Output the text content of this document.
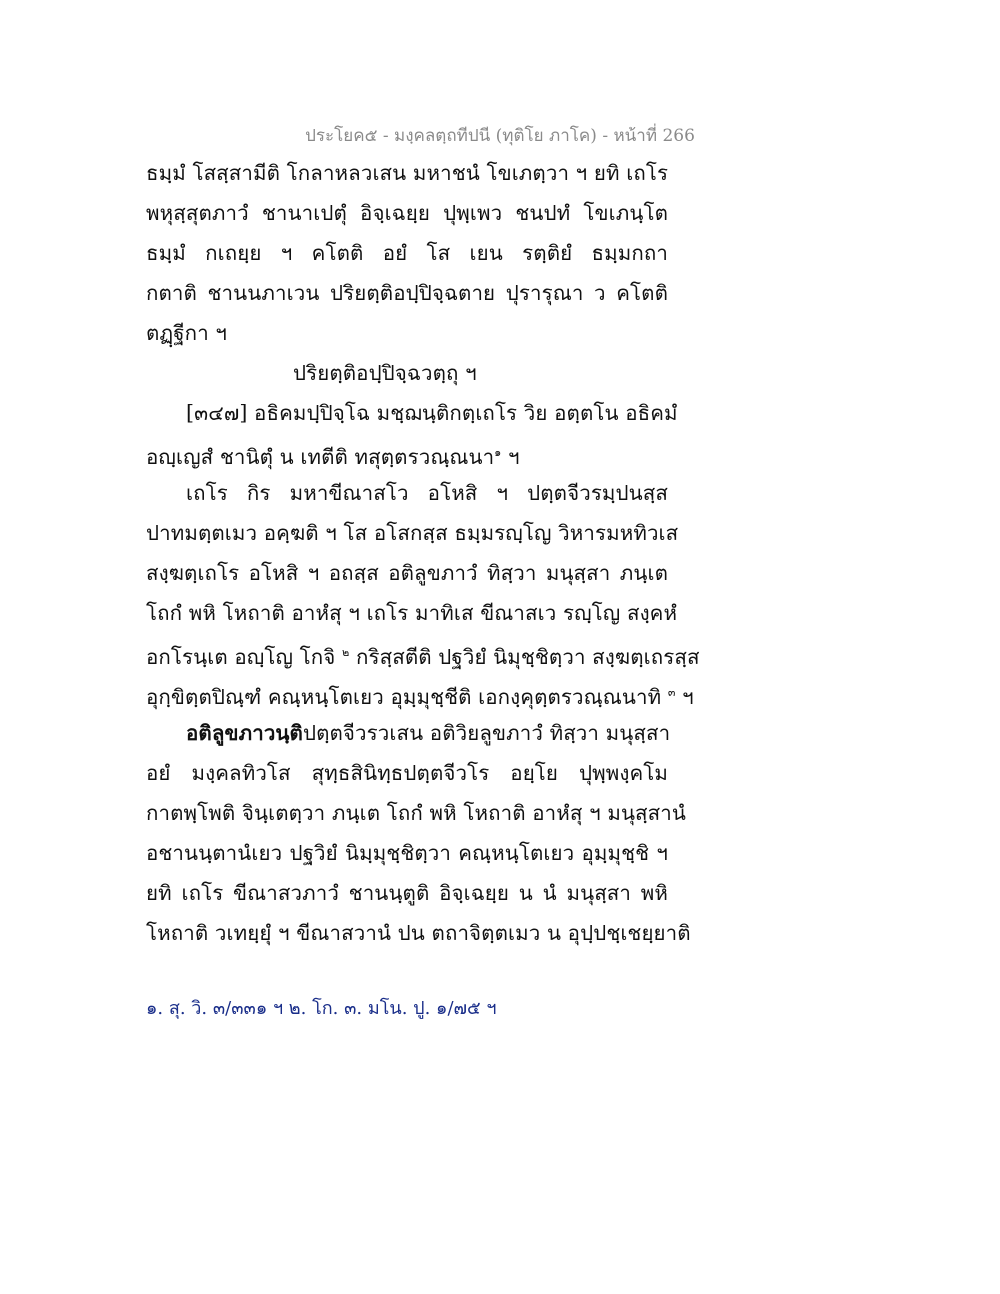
ประโยค๕ - มงฺคลตฺถทีปนี (ทุติโย ภาโค) - หน้าที่ 266
ธมฺมํ โสสฺสามีติ โกลาหลวเสน มหาชนํ โขเภตฺวา ฯ ยทิ เถโร
พหุสฺสุตภาวํ ชานาเปตุํ อิจฺเฉยฺย ปุพฺเพว ชนปทํ โขเภนฺโต
ธมฺมํ กเถยฺย ฯ คโตติ อยํ โส เยน รตฺติยํ ธมฺมกถา
กตาติ ชานนภาเวน ปริยตฺติอปฺปิจฺฉตาย ปุรารุณา ว คโตติ
ตฏฺฐีกา ฯ
ปริยตฺติอปฺปิจฺฉวตฺถุ ฯ
[๓๔๗] อธิคมปฺปิจฺโฉ มชฺฌนฺติกตฺเถโร วิย อตฺตโน อธิคมํ
อญฺเญสํ ชานิตุํ น เทตีติ ทสุตฺตรวณฺณนา$^๑$ ฯ
เถโร กิร มหาขีณาสโว อโหสิ ฯ ปตฺตจีวรมฺปนสฺส
ปาทมตฺตเมว อคฺฆติ ฯ โส อโสกสฺส ธมฺมรญฺโญ วิหารมหทิวเส
สงฺฆตฺเถโร อโหสิ ฯ อถสฺส อติลูขภาวํ ทิสฺวา มนุสฺสา ภนฺเต
โถกํ พหิ โหถาติ อาหํสุ ฯ เถโร มาทิเส ขีณาสเว รญฺโญ สงฺคหํ
อกโรนฺเต อญฺโญ โกจิ $^๒$ กริสฺสตีติ ปฐวิยํ นิมุชฺชิตฺวา สงฺฆตฺเถรสฺส
อุกฺขิตฺตปิณฺฑํ คณฺหนฺโตเยว อุมฺมุชฺชีติ เอกงฺคุตฺตรวณฺณนาทิ $^๓$ ฯ
อติลูขภาวนฺติ ปตฺตจีวรวเสน อติวิยลูขภาวํ ทิสฺวา มนุสฺสา
อยํ มงฺคลทิวโส สุทฺธสินิทฺธปตฺตจีวโร อยฺโย ปุพฺพงฺคโม
กาตพฺโพติ จินฺเตตฺวา ภนฺเต โถกํ พหิ โหถาติ อาหํสุ ฯ มนุสฺสานํ
อชานนฺตานํเยว ปฐวิยํ นิมฺมุชฺชิตฺวา คณฺหนฺโตเยว อุมฺมุชฺชิ ฯ
ยทิ เถโร ขีณาสวภาวํ ชานนฺตูติ อิจฺเฉยฺย น นํ มนุสฺสา พหิ
โหถาติ วเทยฺยุํ ฯ ขีณาสวานํ ปน ตถาจิตฺตเมว น อุปฺปชฺเชยฺยาติ
๑. สุ. วิ. ๓/๓๓๑ ฯ ๒. โก. ๓. มโน. ปู. ๑/๗๕ ฯ
